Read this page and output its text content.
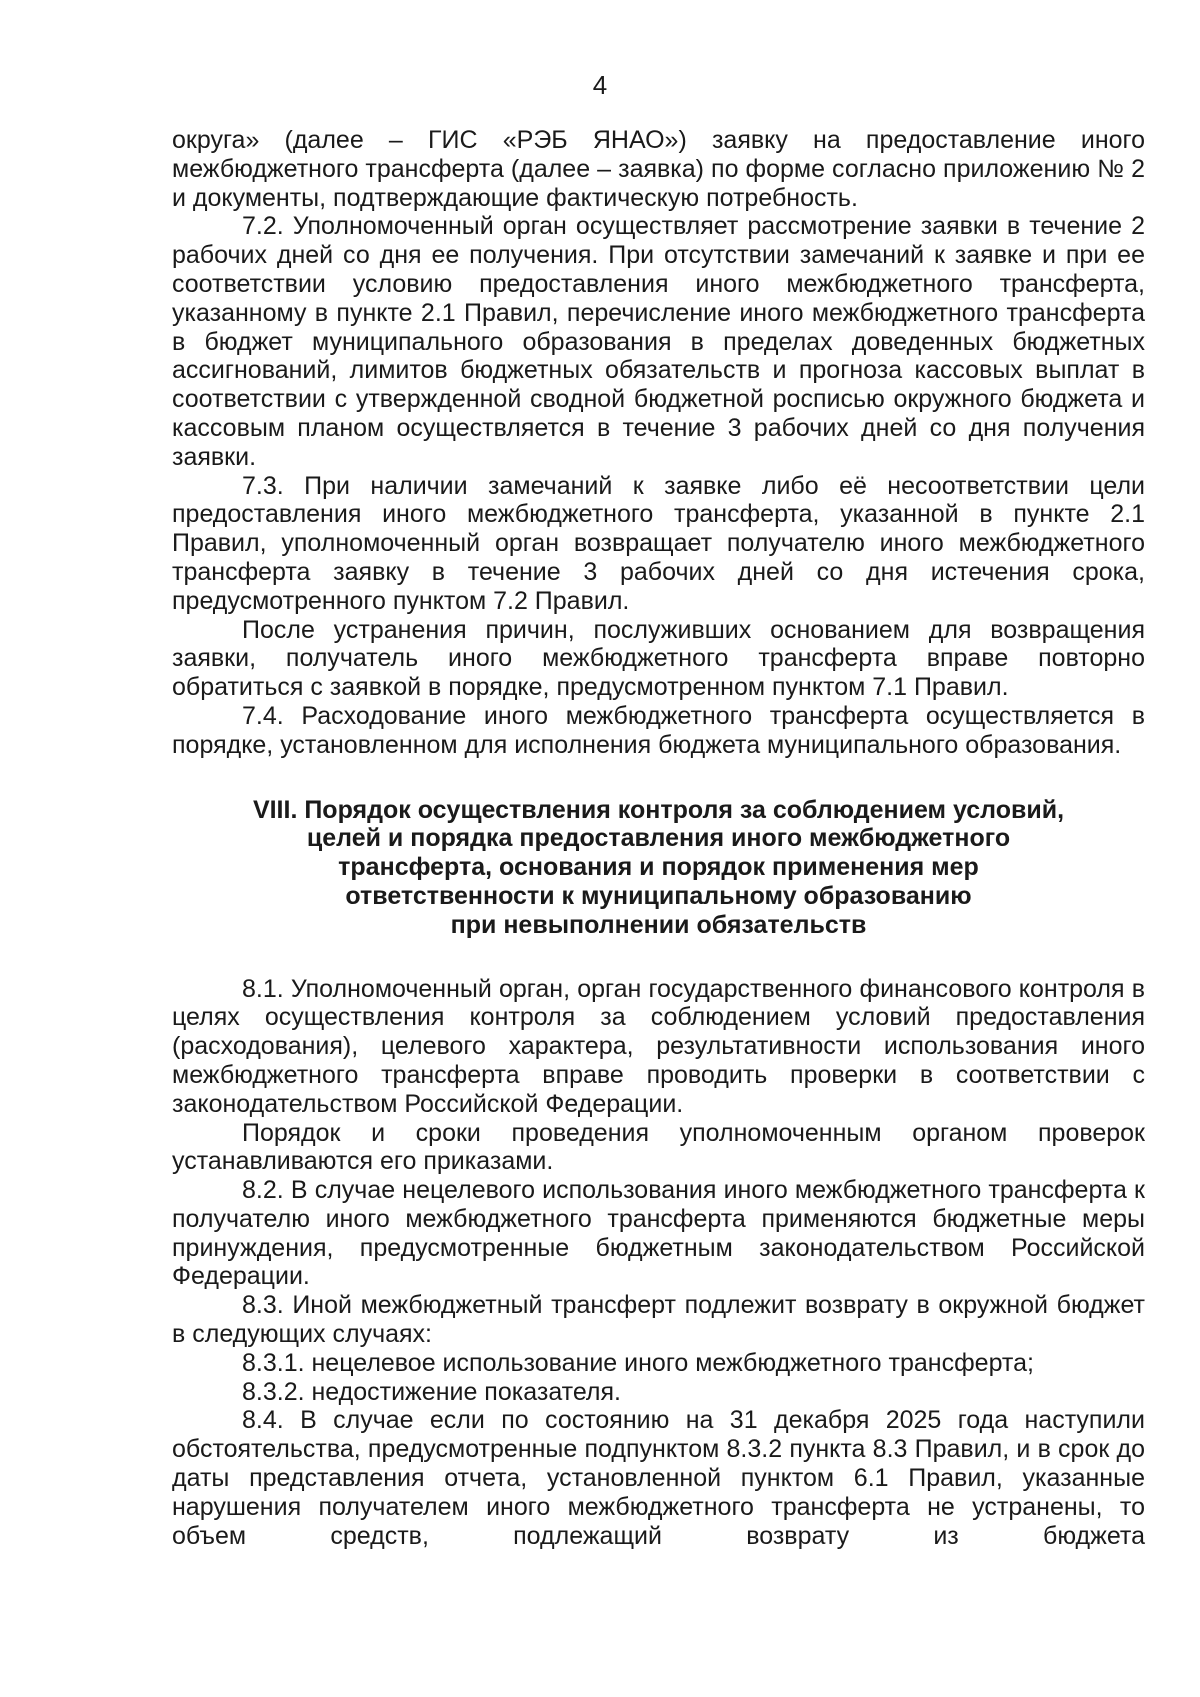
4

округа» (далее – ГИС «РЭБ ЯНАО») заявку на предоставление иного межбюджетного трансферта (далее – заявка) по форме согласно приложению № 2 и документы, подтверждающие фактическую потребность.

7.2. Уполномоченный орган осуществляет рассмотрение заявки в течение 2 рабочих дней со дня ее получения. При отсутствии замечаний к заявке и при ее соответствии условию предоставления иного межбюджетного трансферта, указанному в пункте 2.1 Правил, перечисление иного межбюджетного трансферта в бюджет муниципального образования в пределах доведенных бюджетных ассигнований, лимитов бюджетных обязательств и прогноза кассовых выплат в соответствии с утвержденной сводной бюджетной росписью окружного бюджета и кассовым планом осуществляется в течение 3 рабочих дней со дня получения заявки.

7.3. При наличии замечаний к заявке либо её несоответствии цели предоставления иного межбюджетного трансферта, указанной в пункте 2.1 Правил, уполномоченный орган возвращает получателю иного межбюджетного трансферта заявку в течение 3 рабочих дней со дня истечения срока, предусмотренного пунктом 7.2 Правил.

После устранения причин, послуживших основанием для возвращения заявки, получатель иного межбюджетного трансферта вправе повторно обратиться с заявкой в порядке, предусмотренном пунктом 7.1 Правил.

7.4. Расходование иного межбюджетного трансферта осуществляется в порядке, установленном для исполнения бюджета муниципального образования.

VIII. Порядок осуществления контроля за соблюдением условий,
целей и порядка предоставления иного межбюджетного
трансферта, основания и порядок применения мер
ответственности к муниципальному образованию
при невыполнении обязательств

8.1. Уполномоченный орган, орган государственного финансового контроля в целях осуществления контроля за соблюдением условий предоставления (расходования), целевого характера, результативности использования иного межбюджетного трансферта вправе проводить проверки в соответствии с законодательством Российской Федерации.

Порядок и сроки проведения уполномоченным органом проверок устанавливаются его приказами.

8.2. В случае нецелевого использования иного межбюджетного трансферта к получателю иного межбюджетного трансферта применяются бюджетные меры принуждения, предусмотренные бюджетным законодательством Российской Федерации.

8.3. Иной межбюджетный трансферт подлежит возврату в окружной бюджет в следующих случаях:

8.3.1. нецелевое использование иного межбюджетного трансферта;

8.3.2. недостижение показателя.

8.4. В случае если по состоянию на 31 декабря 2025 года наступили обстоятельства, предусмотренные подпунктом 8.3.2 пункта 8.3 Правил, и в срок до даты представления отчета, установленной пунктом 6.1 Правил, указанные нарушения получателем иного межбюджетного трансферта не устранены, то объем средств, подлежащий возврату из бюджета
